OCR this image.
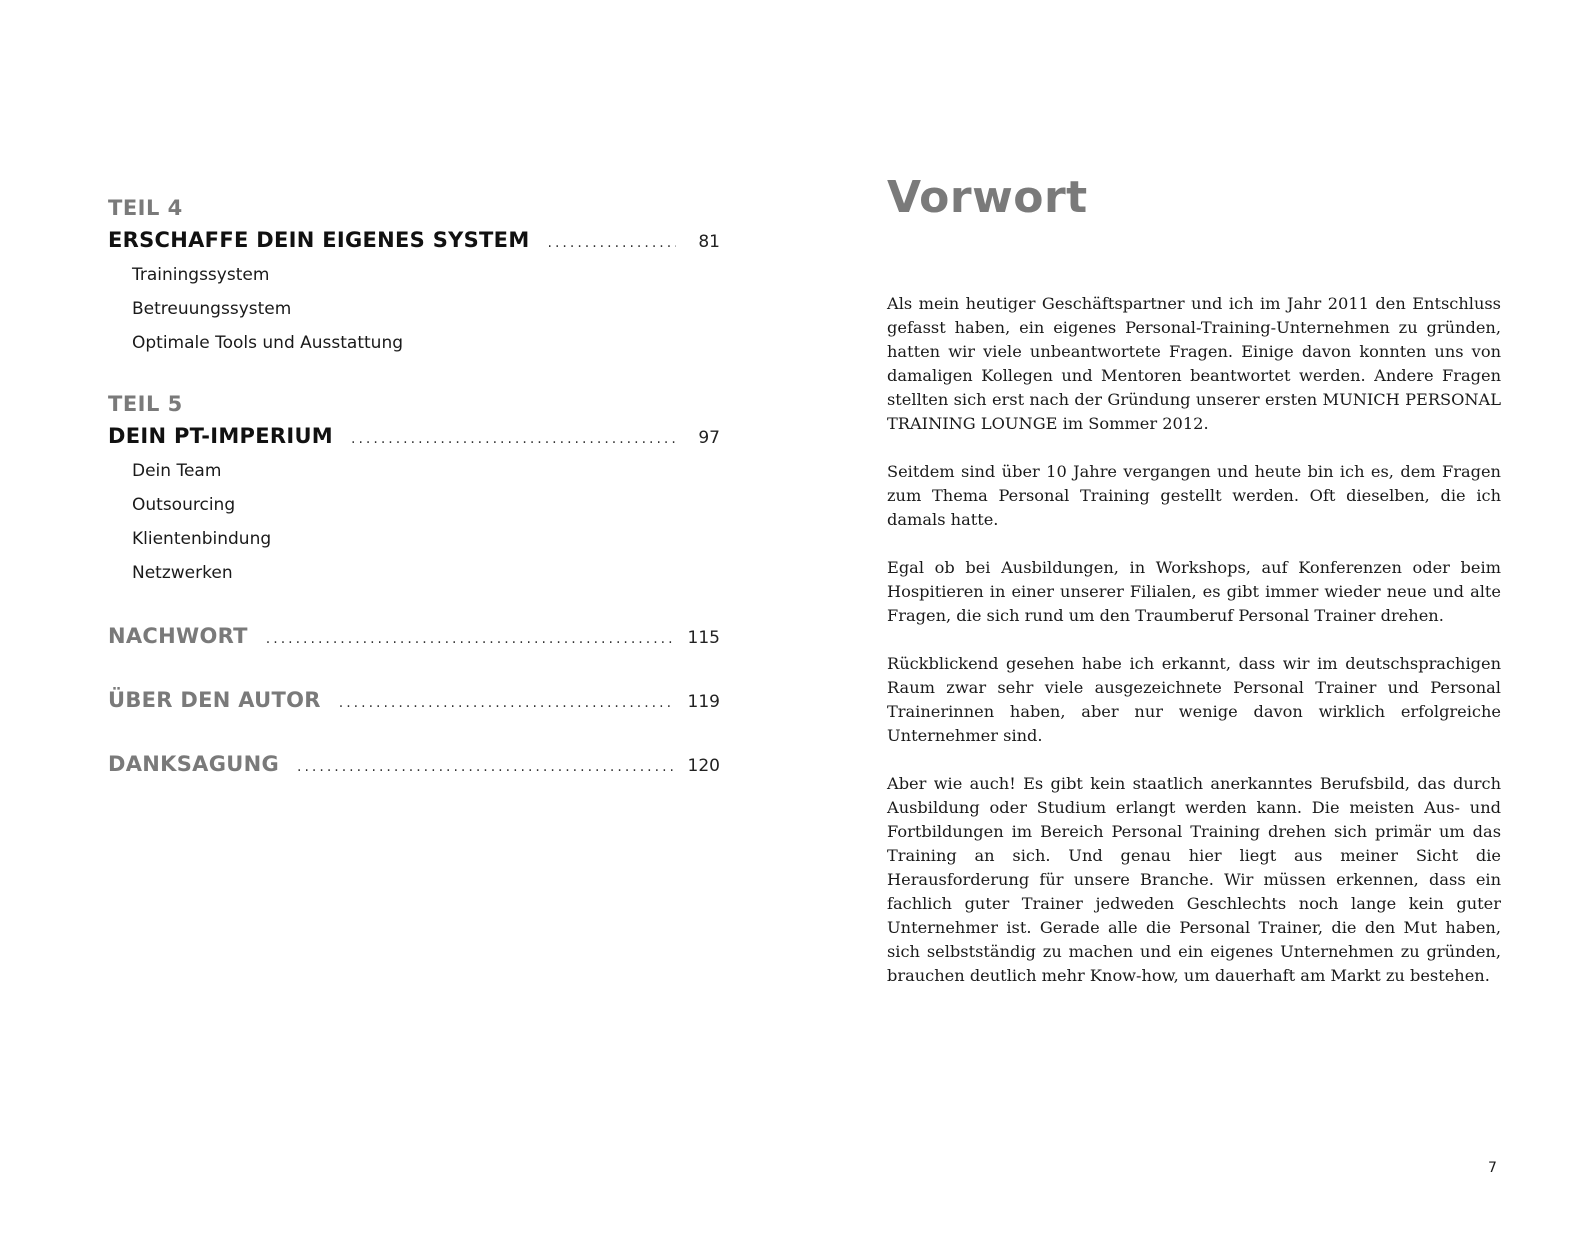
TEIL 4
ERSCHAFFE DEIN EIGENES SYSTEM .....	81
Trainingssystem
Betreuungssystem
Optimale Tools und Ausstattung
TEIL 5
DEIN PT-IMPERIUM .....	97
Dein Team
Outsourcing
Klientenbindung
Netzwerken
NACHWORT .....	115
ÜBER DEN AUTOR .....	119
DANKSAGUNG .....	120
Vorwort

Als mein heutiger Geschäftspartner und ich im Jahr 2011 den Entschluss gefasst haben, ein eigenes Personal-Training-Unternehmen zu gründen, hatten wir viele unbeantwortete Fragen. Einige davon konnten uns von damaligen Kollegen und Mentoren beantwortet werden. Andere Fragen stellten sich erst nach der Gründung unserer ersten MUNICH PERSONAL TRAINING LOUNGE im Sommer 2012.

Seitdem sind über 10 Jahre vergangen und heute bin ich es, dem Fragen zum Thema Personal Training gestellt werden. Oft dieselben, die ich damals hatte.

Egal ob bei Ausbildungen, in Workshops, auf Konferenzen oder beim Hospitieren in einer unserer Filialen, es gibt immer wieder neue und alte Fragen, die sich rund um den Traumberuf Personal Trainer drehen.

Rückblickend gesehen habe ich erkannt, dass wir im deutschsprachigen Raum zwar sehr viele ausgezeichnete Personal Trainer und Personal Trainerinnen haben, aber nur wenige davon wirklich erfolgreiche Unternehmer sind.

Aber wie auch! Es gibt kein staatlich anerkanntes Berufsbild, das durch Ausbildung oder Studium erlangt werden kann. Die meisten Aus- und Fortbildungen im Bereich Personal Training drehen sich primär um das Training an sich. Und genau hier liegt aus meiner Sicht die Herausforderung für unsere Branche. Wir müssen erkennen, dass ein fachlich guter Trainer jedweden Geschlechts noch lange kein guter Unternehmer ist. Gerade alle die Personal Trainer, die den Mut haben, sich selbstständig zu machen und ein eigenes Unternehmen zu gründen, brauchen deutlich mehr Know-how, um dauerhaft am Markt zu bestehen.

7
